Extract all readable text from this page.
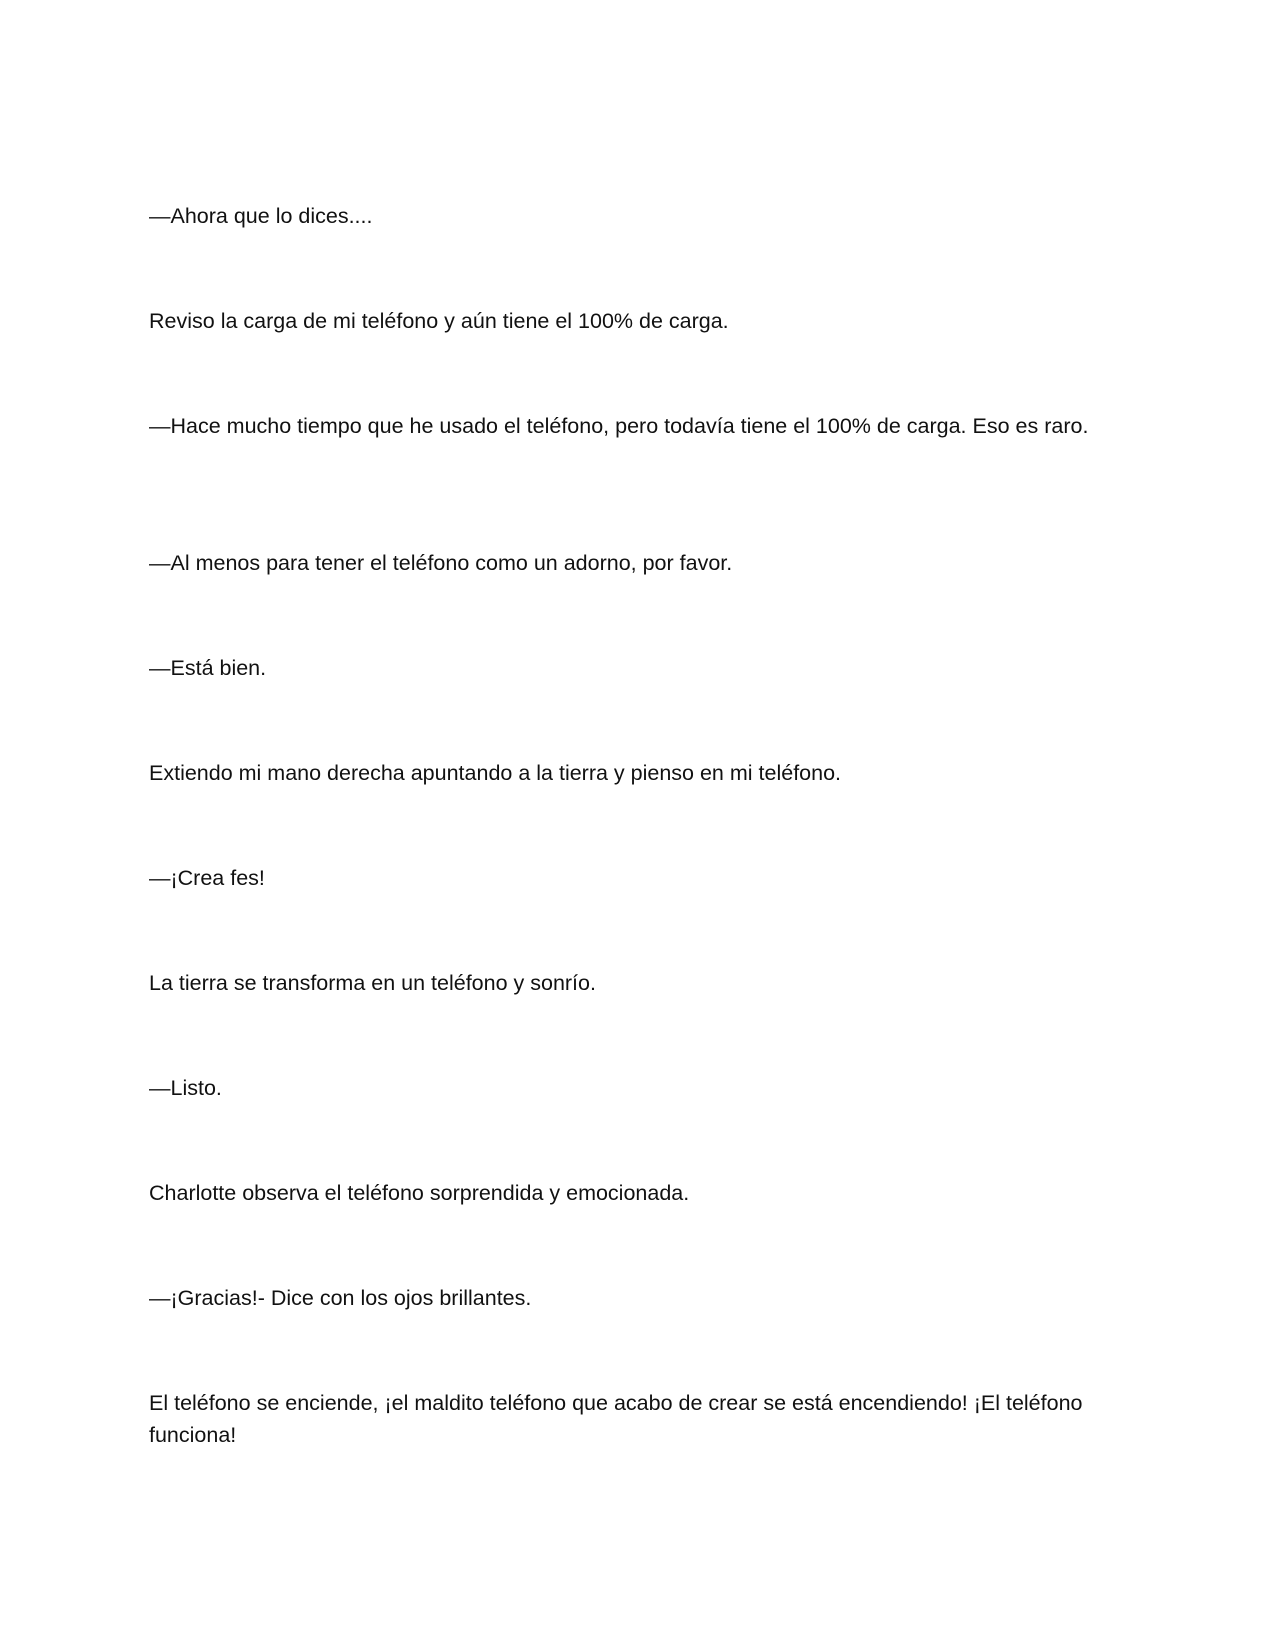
—Ahora que lo dices....

Reviso la carga de mi teléfono y aún tiene el 100% de carga.

—Hace mucho tiempo que he usado el teléfono, pero todavía tiene el 100% de carga. Eso es raro.

—Al menos para tener el teléfono como un adorno, por favor.

—Está bien.

Extiendo mi mano derecha apuntando a la tierra y pienso en mi teléfono.

—¡Crea fes!

La tierra se transforma en un teléfono y sonrío.

—Listo.

Charlotte observa el teléfono sorprendida y emocionada.

—¡Gracias!- Dice con los ojos brillantes.

El teléfono se enciende, ¡el maldito teléfono que acabo de crear se está encendiendo! ¡El teléfono funciona!
